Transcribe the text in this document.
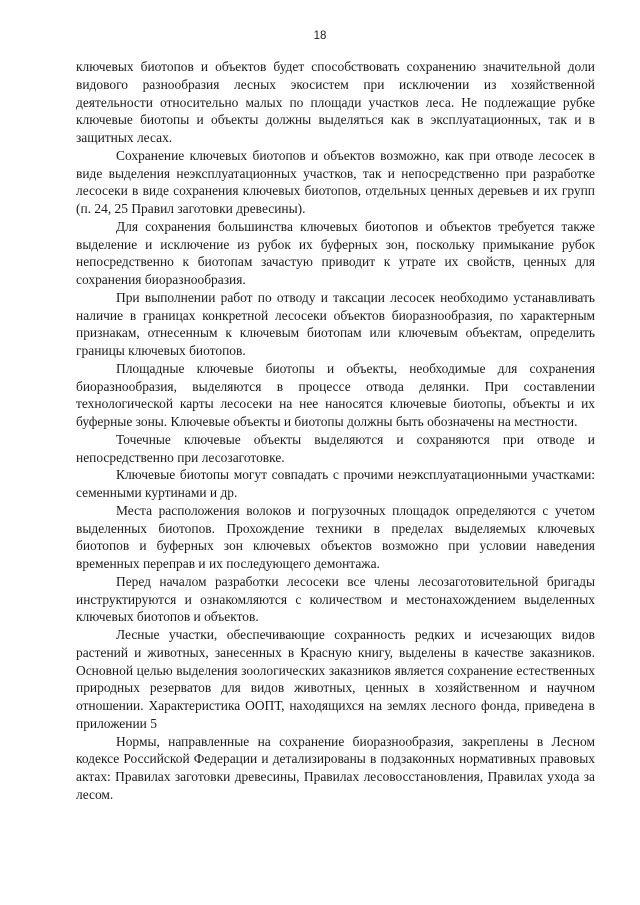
18

ключевых биотопов и объектов будет способствовать сохранению значительной доли видового разнообразия лесных экосистем при исключении из хозяйственной деятельности относительно малых по площади участков леса. Не подлежащие рубке ключевые биотопы и объекты должны выделяться как в эксплуатационных, так и в защитных лесах.

Сохранение ключевых биотопов и объектов возможно, как при отводе лесосек в виде выделения неэксплуатационных участков, так и непосредственно при разработке лесосеки в виде сохранения ключевых биотопов, отдельных ценных деревьев и их групп (п. 24, 25 Правил заготовки древесины).

Для сохранения большинства ключевых биотопов и объектов требуется также выделение и исключение из рубок их буферных зон, поскольку примыкание рубок непосредственно к биотопам зачастую приводит к утрате их свойств, ценных для сохранения биоразнообразия.

При выполнении работ по отводу и таксации лесосек необходимо устанавливать наличие в границах конкретной лесосеки объектов биоразнообразия, по характерным признакам, отнесенным к ключевым биотопам или ключевым объектам, определить границы ключевых биотопов.

Площадные ключевые биотопы и объекты, необходимые для сохранения биоразнообразия, выделяются в процессе отвода делянки. При составлении технологической карты лесосеки на нее наносятся ключевые биотопы, объекты и их буферные зоны. Ключевые объекты и биотопы должны быть обозначены на местности.

Точечные ключевые объекты выделяются и сохраняются при отводе и непосредственно при лесозаготовке.

Ключевые биотопы могут совпадать с прочими неэксплуатационными участками: семенными куртинами и др.

Места расположения волоков и погрузочных площадок определяются с учетом выделенных биотопов. Прохождение техники в пределах выделяемых ключевых биотопов и буферных зон ключевых объектов возможно при условии наведения временных переправ и их последующего демонтажа.

Перед началом разработки лесосеки все члены лесозаготовительной бригады инструктируются и ознакомляются с количеством и местонахождением выделенных ключевых биотопов и объектов.

Лесные участки, обеспечивающие сохранность редких и исчезающих видов растений и животных, занесенных в Красную книгу, выделены в качестве заказников. Основной целью выделения зоологических заказников является сохранение естественных природных резерватов для видов животных, ценных в хозяйственном и научном отношении. Характеристика ООПТ, находящихся на землях лесного фонда, приведена в приложении 5

Нормы, направленные на сохранение биоразнообразия, закреплены в Лесном кодексе Российской Федерации и детализированы в подзаконных нормативных правовых актах: Правилах заготовки древесины, Правилах лесовосстановления, Правилах ухода за лесом.
